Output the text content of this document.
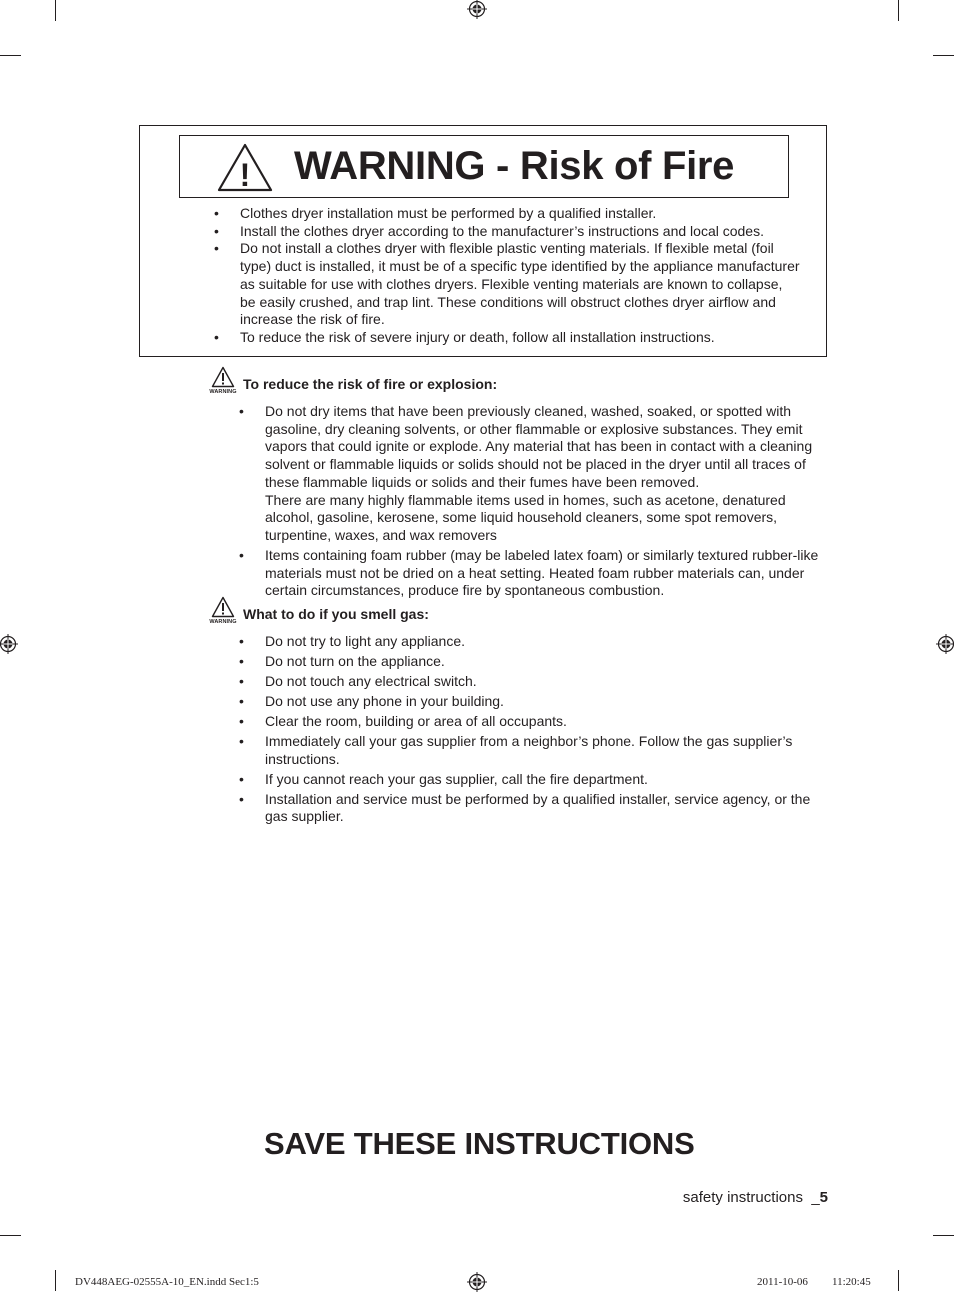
! WARNING - Risk of Fire
• Clothes dryer installation must be performed by a qualified installer.
• Install the clothes dryer according to the manufacturer’s instructions and local codes.
• Do not install a clothes dryer with flexible plastic venting materials. If flexible metal (foil type) duct is installed, it must be of a specific type identified by the appliance manufacturer as suitable for use with clothes dryers. Flexible venting materials are known to collapse, be easily crushed, and trap lint. These conditions will obstruct clothes dryer airflow and increase the risk of fire.
• To reduce the risk of severe injury or death, follow all installation instructions.
WARNING To reduce the risk of fire or explosion:
• Do not dry items that have been previously cleaned, washed, soaked, or spotted with gasoline, dry cleaning solvents, or other flammable or explosive substances. They emit vapors that could ignite or explode. Any material that has been in contact with a cleaning solvent or flammable liquids or solids should not be placed in the dryer until all traces of these flammable liquids or solids and their fumes have been removed.
There are many highly flammable items used in homes, such as acetone, denatured alcohol, gasoline, kerosene, some liquid household cleaners, some spot removers, turpentine, waxes, and wax removers
• Items containing foam rubber (may be labeled latex foam) or similarly textured rubber-like materials must not be dried on a heat setting. Heated foam rubber materials can, under certain circumstances, produce fire by spontaneous combustion.
WARNING What to do if you smell gas:
• Do not try to light any appliance.
• Do not turn on the appliance.
• Do not touch any electrical switch.
• Do not use any phone in your building.
• Clear the room, building or area of all occupants.
• Immediately call your gas supplier from a neighbor’s phone. Follow the gas supplier’s instructions.
• If you cannot reach your gas supplier, call the fire department.
• Installation and service must be performed by a qualified installer, service agency, or the gas supplier.
SAVE THESE INSTRUCTIONS
safety instructions _5
DV448AEG-02555A-10_EN.indd Sec1:5	2011-10-06 11:20:45
